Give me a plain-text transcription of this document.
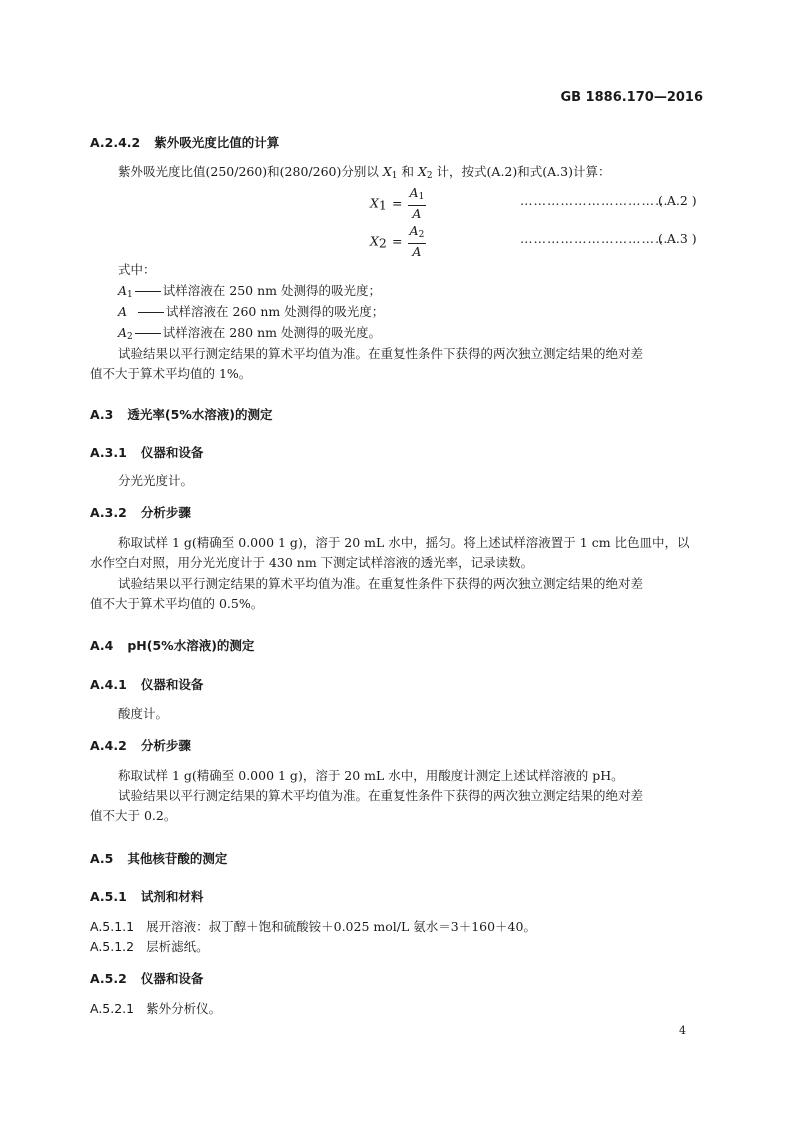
GB 1886.170—2016
A.2.4.2 紫外吸光度比值的计算
紫外吸光度比值(250/260)和(280/260)分别以 $X_1$ 和 $X_2$ 计，按式(A.2)和式(A.3)计算：
$X_1 = \frac{A_1}{A}$	……………………………
( A.2 )
$X_2 = \frac{A_2}{A}$	……………………………
( A.3 )
式中：
$A_1$ 试样溶液在 250 nm 处测得的吸光度；
A	试样溶液在 260 nm 处测得的吸光度；
$A_2$ 试样溶液在 280 nm 处测得的吸光度。
试验结果以平行测定结果的算术平均值为准。在重复性条件下获得的两次独立测定结果的绝对差
值不大于算术平均值的 1%。
A.3 透光率(5%水溶液)的测定
A.3.1 仪器和设备
分光光度计。
A.3.2 分析步骤
称取试样 1 g(精确至 0.000 1 g)，溶于 20 mL 水中，摇匀。将上述试样溶液置于 1 cm 比色皿中，以
水作空白对照，用分光光度计于 430 nm 下测定试样溶液的透光率，记录读数。
试验结果以平行测定结果的算术平均值为准。在重复性条件下获得的两次独立测定结果的绝对差
值不大于算术平均值的 0.5%。
A.4 pH(5%水溶液)的测定
A.4.1 仪器和设备
酸度计。
A.4.2 分析步骤
称取试样 1 g(精确至 0.000 1 g)，溶于 20 mL 水中，用酸度计测定上述试样溶液的 pH。
试验结果以平行测定结果的算术平均值为准。在重复性条件下获得的两次独立测定结果的绝对差
值不大于 0.2。
A.5 其他核苷酸的测定
A.5.1 试剂和材料
A.5.1.1 展开溶液：叔丁醇＋饱和硫酸铵＋0.025 mol/L 氨水＝3＋160＋40。
A.5.1.2 层析滤纸。
A.5.2 仪器和设备
A.5.2.1 紫外分析仪。
4
